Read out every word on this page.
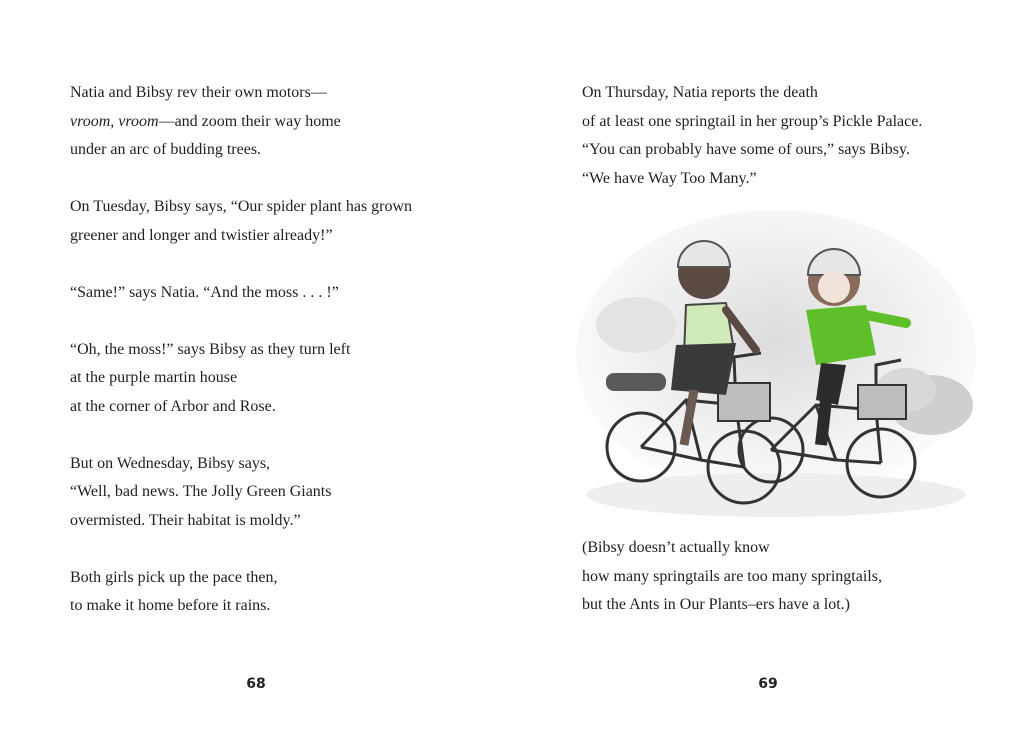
Natia and Bibsy rev their own motors—
vroom, vroom—and zoom their way home
under an arc of budding trees.
On Tuesday, Bibsy says, “Our spider plant has grown
greener and longer and twistier already!”
“Same!” says Natia. “And the moss . . . !”
“Oh, the moss!” says Bibsy as they turn left
at the purple martin house
at the corner of Arbor and Rose.
But on Wednesday, Bibsy says,
“Well, bad news. The Jolly Green Giants
overmisted. Their habitat is moldy.”
Both girls pick up the pace then,
to make it home before it rains.
68
On Thursday, Natia reports the death
of at least one springtail in her group’s Pickle Palace.
“You can probably have some of ours,” says Bibsy.
“We have Way Too Many.”
(Bibsy doesn’t actually know
how many springtails are too many springtails,
but the Ants in Our Plants–ers have a lot.)
69
